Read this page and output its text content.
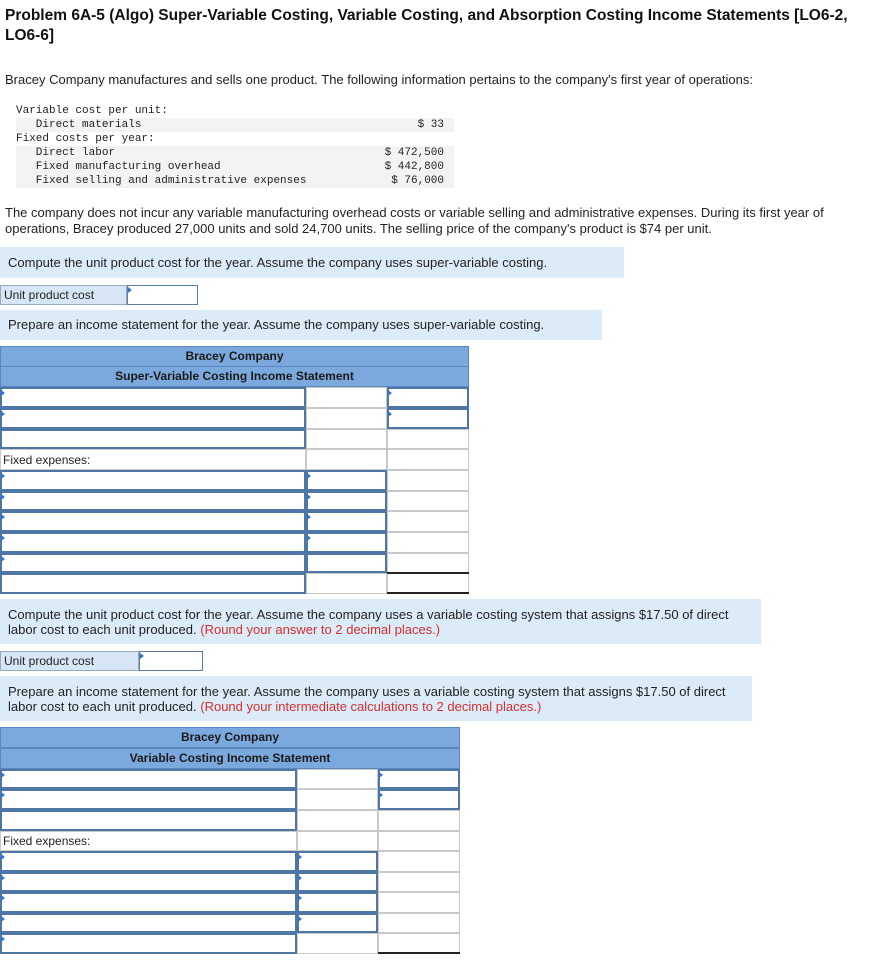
Problem 6A-5 (Algo) Super-Variable Costing, Variable Costing, and Absorption Costing Income Statements [LO6-2, LO6-6]
Bracey Company manufactures and sells one product. The following information pertains to the company's first year of operations:
Variable cost per unit:
Direct materials	$ 33
Fixed costs per year:
Direct labor	$ 472,500
Fixed manufacturing overhead	$ 442,800
Fixed selling and administrative expenses	$ 76,000
The company does not incur any variable manufacturing overhead costs or variable selling and administrative expenses. During its first year of operations, Bracey produced 27,000 units and sold 24,700 units. The selling price of the company's product is $74 per unit.
Compute the unit product cost for the year. Assume the company uses super-variable costing.
Unit product cost
Prepare an income statement for the year. Assume the company uses super-variable costing.
Bracey Company
Super-Variable Costing Income Statement
Fixed expenses:
Compute the unit product cost for the year. Assume the company uses a variable costing system that assigns $17.50 of direct labor cost to each unit produced. (Round your answer to 2 decimal places.)
Unit product cost
Prepare an income statement for the year. Assume the company uses a variable costing system that assigns $17.50 of direct labor cost to each unit produced. (Round your intermediate calculations to 2 decimal places.)
Bracey Company
Variable Costing Income Statement
Fixed expenses:
